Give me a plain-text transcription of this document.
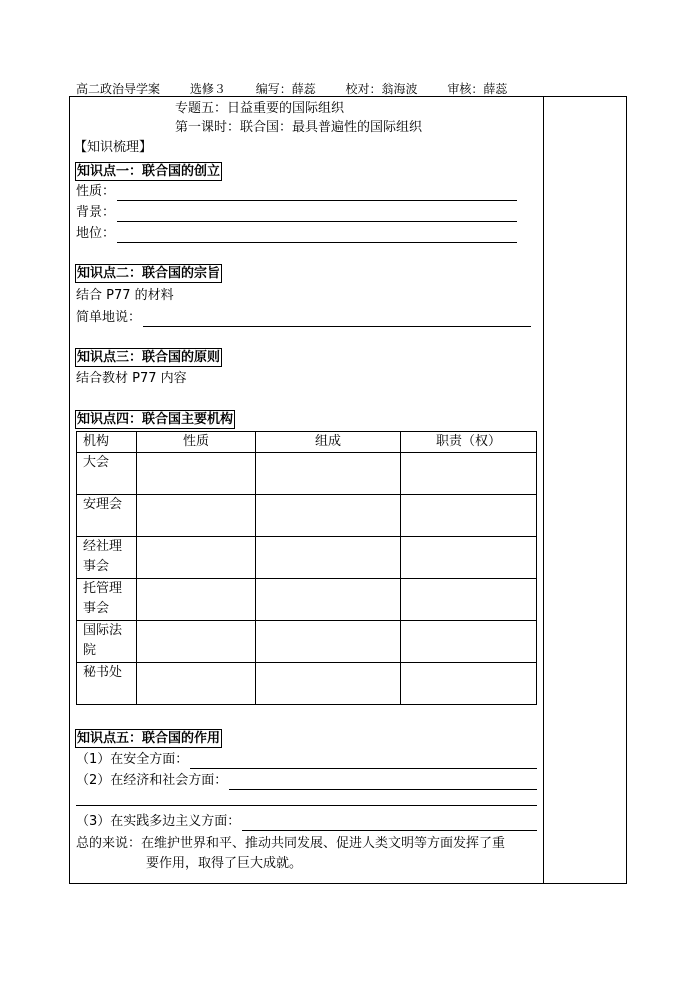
高二政治导学案 选修３ 编写：薛蕊 校对：翁海波 审核：薛蕊
专题五：日益重要的国际组织
第一课时：联合国：最具普遍性的国际组织
【知识梳理】
知识点一：联合国的创立
性质：
背景：
地位：
知识点二：联合国的宗旨
结合 P77 的材料
简单地说：
知识点三：联合国的原则
结合教材 P77 内容
知识点四：联合国主要机构
机构	性质	组成	职责（权）
大会			
安理会			
经社理事会			
托管理事会			
国际法院			
秘书处			
知识点五：联合国的作用
（1）在安全方面：
（2）在经济和社会方面：
（3）在实践多边主义方面：
总的来说：在维护世界和平、推动共同发展、促进人类文明等方面发挥了重
要作用，取得了巨大成就。
